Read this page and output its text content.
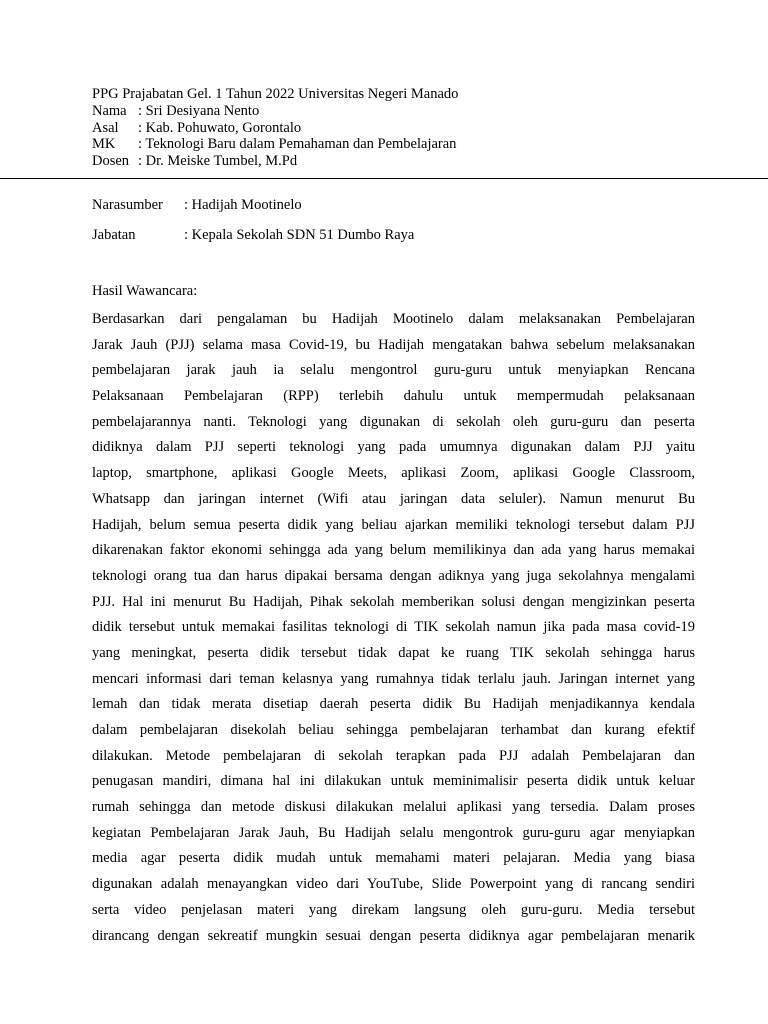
PPG Prajabatan Gel. 1 Tahun 2022 Universitas Negeri Manado
Nama : Sri Desiyana Nento
Asal	: Kab. Pohuwato, Gorontalo
MK	: Teknologi Baru dalam Pemahaman dan Pembelajaran
Dosen : Dr. Meiske Tumbel, M.Pd
Narasumber	: Hadijah Mootinelo
Jabatan	: Kepala Sekolah SDN 51 Dumbo Raya
Hasil Wawancara:
Berdasarkan dari pengalaman bu Hadijah Mootinelo dalam melaksanakan Pembelajaran
Jarak Jauh (PJJ) selama masa Covid-19, bu Hadijah mengatakan bahwa sebelum melaksanakan
pembelajaran jarak jauh ia selalu mengontrol guru-guru untuk menyiapkan Rencana
Pelaksanaan Pembelajaran (RPP) terlebih dahulu untuk mempermudah pelaksanaan
pembelajarannya nanti. Teknologi yang digunakan di sekolah oleh guru-guru dan peserta
didiknya dalam PJJ seperti teknologi yang pada umumnya digunakan dalam PJJ yaitu
laptop, smartphone, aplikasi Google Meets, aplikasi Zoom, aplikasi Google Classroom,
Whatsapp dan jaringan internet (Wifi atau jaringan data seluler). Namun menurut Bu
Hadijah, belum semua peserta didik yang beliau ajarkan memiliki teknologi tersebut dalam PJJ
dikarenakan faktor ekonomi sehingga ada yang belum memilikinya dan ada yang harus memakai
teknologi orang tua dan harus dipakai bersama dengan adiknya yang juga sekolahnya mengalami
PJJ. Hal ini menurut Bu Hadijah, Pihak sekolah memberikan solusi dengan mengizinkan peserta
didik tersebut untuk memakai fasilitas teknologi di TIK sekolah namun jika pada masa covid-19
yang meningkat, peserta didik tersebut tidak dapat ke ruang TIK sekolah sehingga harus
mencari informasi dari teman kelasnya yang rumahnya tidak terlalu jauh. Jaringan internet yang
lemah dan tidak merata disetiap daerah peserta didik Bu Hadijah menjadikannya kendala
dalam pembelajaran disekolah beliau sehingga pembelajaran terhambat dan kurang efektif
dilakukan. Metode pembelajaran di sekolah terapkan pada PJJ adalah Pembelajaran dan
penugasan mandiri, dimana hal ini dilakukan untuk meminimalisir peserta didik untuk keluar
rumah sehingga dan metode diskusi dilakukan melalui aplikasi yang tersedia. Dalam proses
kegiatan Pembelajaran Jarak Jauh, Bu Hadijah selalu mengontrok guru-guru agar menyiapkan
media agar peserta didik mudah untuk memahami materi pelajaran. Media yang biasa
digunakan adalah menayangkan video dari YouTube, Slide Powerpoint yang di rancang sendiri
serta video penjelasan materi yang direkam langsung oleh guru-guru. Media tersebut
dirancang dengan sekreatif mungkin sesuai dengan peserta didiknya agar pembelajaran menarik
